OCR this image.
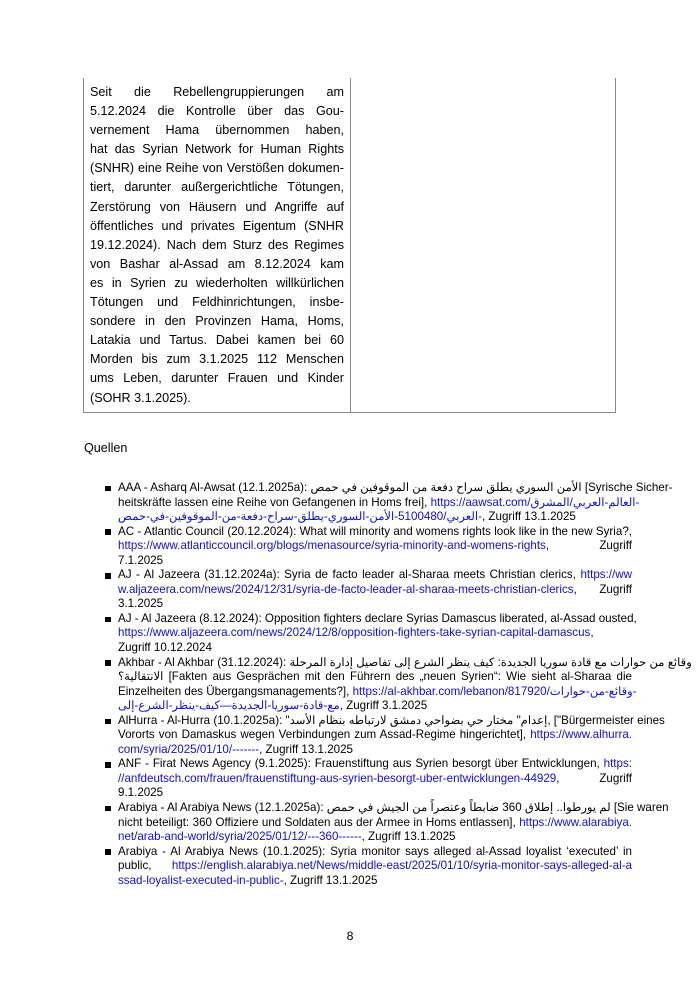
Seit die Rebellengruppierungen am
5.12.2024 die Kontrolle über das Gou-
vernement Hama übernommen haben,
hat das Syrian Network for Human Rights
(SNHR) eine Reihe von Verstößen dokumen-
tiert, darunter außergerichtliche Tötungen,
Zerstörung von Häusern und Angriffe auf
öffentliches und privates Eigentum (SNHR
19.12.2024). Nach dem Sturz des Regimes
von Bashar al-Assad am 8.12.2024 kam
es in Syrien zu wiederholten willkürlichen
Tötungen und Feldhinrichtungen, insbe-
sondere in den Provinzen Hama, Homs,
Latakia und Tartus. Dabei kamen bei 60
Morden bis zum 3.1.2025 112 Menschen
ums Leben, darunter Frauen und Kinder
(SOHR 3.1.2025).
Quellen
AAA - Asharq Al-Awsat (12.1.2025a): الأمن السوري يطلق سراح دفعة من الموقوفين في حمص [Syrische Sicher-
heitskräfte lassen eine Reihe von Gefangenen in Homs frei], https://aawsat.com/العالم-العربي/المشرق-
العربي/5100480-الأمن-السوري-يطلق-سراح-دفعة-من-الموقوفين-في-حمص-, Zugriff 13.1.2025
AC - Atlantic Council (20.12.2024): What will minority and womens rights look like in the new Syria?,
https://www.atlanticcouncil.org/blogs/menasource/syria-minority-and-womens-rights, Zugriff
7.1.2025
AJ - Al Jazeera (31.12.2024a): Syria de facto leader al-Sharaa meets Christian clerics, https://ww
w.aljazeera.com/news/2024/12/31/syria-de-facto-leader-al-sharaa-meets-christian-clerics, Zugriff
3.1.2025
AJ - Al Jazeera (8.12.2024): Opposition fighters declare Syrias Damascus liberated, al-Assad ousted,
https://www.aljazeera.com/news/2024/12/8/opposition-fighters-take-syrian-capital-damascus,
Zugriff 10.12.2024
Akhbar - Al Akhbar (31.12.2024): وقائع من حوارات مع قادة سوريا الجديدة: كيف ينظر الشرع إلى تفاصيل إدارة المرحلة
الانتقالية؟ [Fakten aus Gesprächen mit den Führern des „neuen Syrien“: Wie sieht al-Sharaa die
Einzelheiten des Übergangsmanagements?], https://al-akhbar.com/lebanon/817920/وقائع-من-حوارات-
مع-قادة-سوريا-الجديدة—كيف-ينظر-الشرع-إلى, Zugriff 3.1.2025
AlHurra - Al-Hurra (10.1.2025a): "إعدام" مختار حي بضواحي دمشق لارتباطه بنظام الأسد, ["Bürgermeister eines
Vororts von Damaskus wegen Verbindungen zum Assad-Regime hingerichtet], https://www.alhurra.
com/syria/2025/01/10/-------, Zugriff 13.1.2025
ANF - Firat News Agency (9.1.2025): Frauenstiftung aus Syrien besorgt über Entwicklungen, https:
//anfdeutsch.com/frauen/frauenstiftung-aus-syrien-besorgt-uber-entwicklungen-44929, Zugriff
9.1.2025
Arabiya - Al Arabiya News (12.1.2025a): لم يورطوا.. إطلاق 360 ضابطاً وعنصراً من الجيش في حمص [Sie waren
nicht beteiligt: 360 Offiziere und Soldaten aus der Armee in Homs entlassen], https://www.alarabiya.
net/arab-and-world/syria/2025/01/12/---360------, Zugriff 13.1.2025
Arabiya - Al Arabiya News (10.1.2025): Syria monitor says alleged al-Assad loyalist ‘executed’ in
public, https://english.alarabiya.net/News/middle-east/2025/01/10/syria-monitor-says-alleged-al-a
ssad-loyalist-executed-in-public-, Zugriff 13.1.2025
8
